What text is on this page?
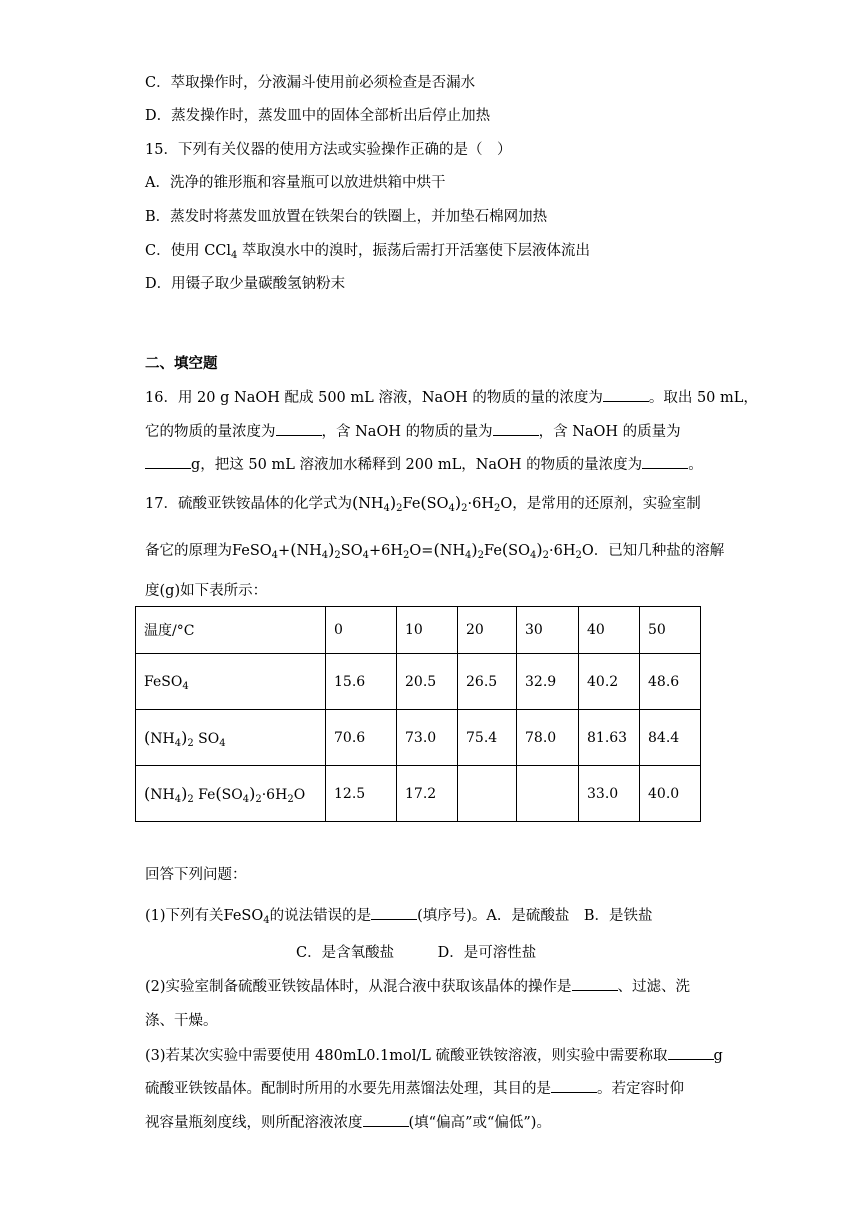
C．萃取操作时，分液漏斗使用前必须检查是否漏水
D．蒸发操作时，蒸发皿中的固体全部析出后停止加热
15．下列有关仪器的使用方法或实验操作正确的是（　）
A．洗净的锥形瓶和容量瓶可以放进烘箱中烘干
B．蒸发时将蒸发皿放置在铁架台的铁圈上，并加垫石棉网加热
C．使用 CCl$_4$ 萃取溴水中的溴时，振荡后需打开活塞使下层液体流出
D．用镊子取少量碳酸氢钠粉末
二、填空题
16．用 20 g NaOH 配成 500 mL 溶液，NaOH 的物质的量的浓度为	。取出 50 mL，
它的物质的量浓度为	，含 NaOH 的物质的量为	，含 NaOH 的质量为
g，把这 50 mL 溶液加水稀释到 200 mL，NaOH 的物质的量浓度为	。
17．硫酸亚铁铵晶体的化学式为$(NH_4)_2Fe(SO_4)_2\cdot 6H_2O$，是常用的还原剂，实验室制
备它的原理为$FeSO_4+(NH_4)_2SO_4+6H_2O=(NH_4)_2Fe(SO_4)_2\cdot 6H_2O$．已知几种盐的溶解
度(g)如下表所示：
温度/°C	0	10	20	30	40	50
FeSO$_4$	15.6	20.5	26.5	32.9	40.2	48.6
$(NH_4)_2$ $SO_4$	70.6	73.0	75.4	78.0	81.63	84.4
$(NH_4)_2$ $Fe(SO_4)_2\cdot 6H_2O$	12.5	17.2			33.0	40.0
回答下列问题：
(1)下列有关FeSO$_4$的说法错误的是	(填序号)。A．是硫酸盐　B．是铁盐
C．是含氧酸盐　　　D．是可溶性盐
(2)实验室制备硫酸亚铁铵晶体时，从混合液中获取该晶体的操作是	、过滤、洗
涤、干燥。
(3)若某次实验中需要使用 480mL0.1mol/L 硫酸亚铁铵溶液，则实验中需要称取	g
硫酸亚铁铵晶体。配制时所用的水要先用蒸馏法处理，其目的是	。若定容时仰
视容量瓶刻度线，则所配溶液浓度	(填“偏高”或“偏低”)。
